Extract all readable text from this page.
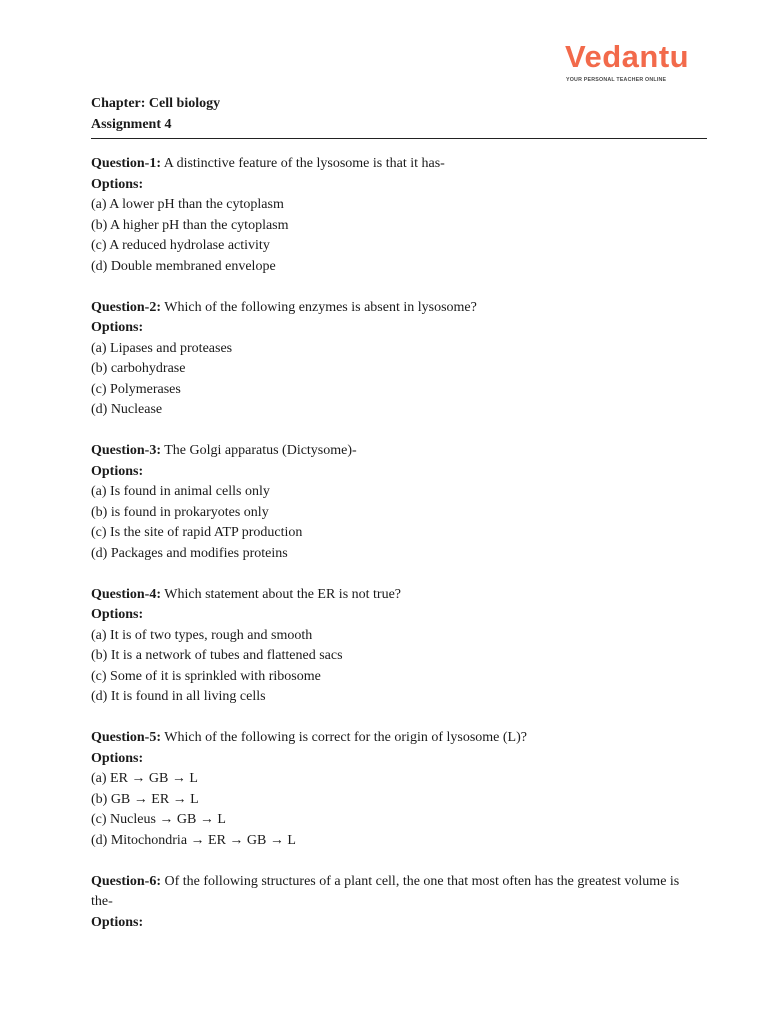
Vedantu
YOUR PERSONAL TEACHER ONLINE
Chapter: Cell biology
Assignment 4
Question-1: A distinctive feature of the lysosome is that it has-
Options:
(a) A lower pH than the cytoplasm
(b) A higher pH than the cytoplasm
(c) A reduced hydrolase activity
(d) Double membraned envelope
Question-2: Which of the following enzymes is absent in lysosome?
Options:
(a) Lipases and proteases
(b) carbohydrase
(c) Polymerases
(d) Nuclease
Question-3: The Golgi apparatus (Dictysome)-
Options:
(a) Is found in animal cells only
(b) is found in prokaryotes only
(c) Is the site of rapid ATP production
(d) Packages and modifies proteins
Question-4: Which statement about the ER is not true?
Options:
(a) It is of two types, rough and smooth
(b) It is a network of tubes and flattened sacs
(c) Some of it is sprinkled with ribosome
(d) It is found in all living cells
Question-5: Which of the following is correct for the origin of lysosome (L)?
Options:
(a) ER → GB → L
(b) GB → ER → L
(c) Nucleus → GB → L
(d) Mitochondria → ER → GB → L
Question-6: Of the following structures of a plant cell, the one that most often has the greatest volume is the-
Options:
